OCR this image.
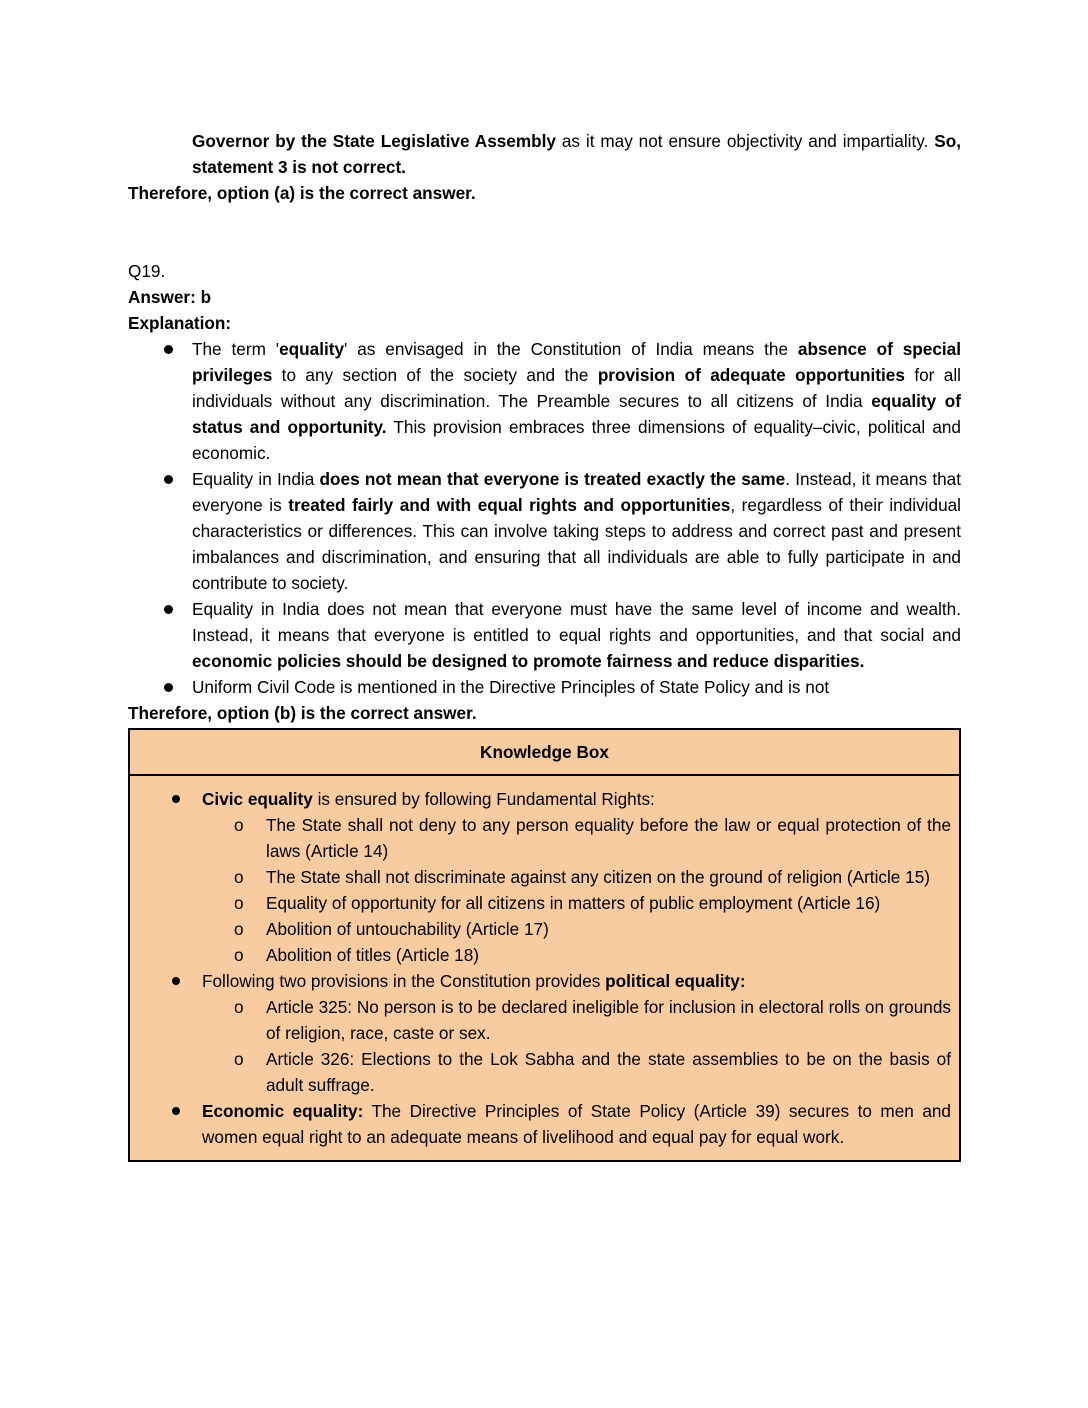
Governor by the State Legislative Assembly as it may not ensure objectivity and impartiality. So, statement 3 is not correct.

Therefore, option (a) is the correct answer.

Q19.

Answer: b

Explanation:

The term 'equality' as envisaged in the Constitution of India means the absence of special privileges to any section of the society and the provision of adequate opportunities for all individuals without any discrimination. The Preamble secures to all citizens of India equality of status and opportunity. This provision embraces three dimensions of equality–civic, political and economic.
Equality in India does not mean that everyone is treated exactly the same. Instead, it means that everyone is treated fairly and with equal rights and opportunities, regardless of their individual characteristics or differences. This can involve taking steps to address and correct past and present imbalances and discrimination, and ensuring that all individuals are able to fully participate in and contribute to society.
Equality in India does not mean that everyone must have the same level of income and wealth. Instead, it means that everyone is entitled to equal rights and opportunities, and that social and economic policies should be designed to promote fairness and reduce disparities.
Uniform Civil Code is mentioned in the Directive Principles of State Policy and is not

Therefore, option (b) is the correct answer.

Knowledge Box
Civic equality is ensured by following Fundamental Rights:
o The State shall not deny to any person equality before the law or equal protection of the laws (Article 14)
o The State shall not discriminate against any citizen on the ground of religion (Article 15)
o Equality of opportunity for all citizens in matters of public employment (Article 16)
o Abolition of untouchability (Article 17)
o Abolition of titles (Article 18)
Following two provisions in the Constitution provides political equality:
o Article 325: No person is to be declared ineligible for inclusion in electoral rolls on grounds of religion, race, caste or sex.
o Article 326: Elections to the Lok Sabha and the state assemblies to be on the basis of adult suffrage.
Economic equality: The Directive Principles of State Policy (Article 39) secures to men and women equal right to an adequate means of livelihood and equal pay for equal work.
